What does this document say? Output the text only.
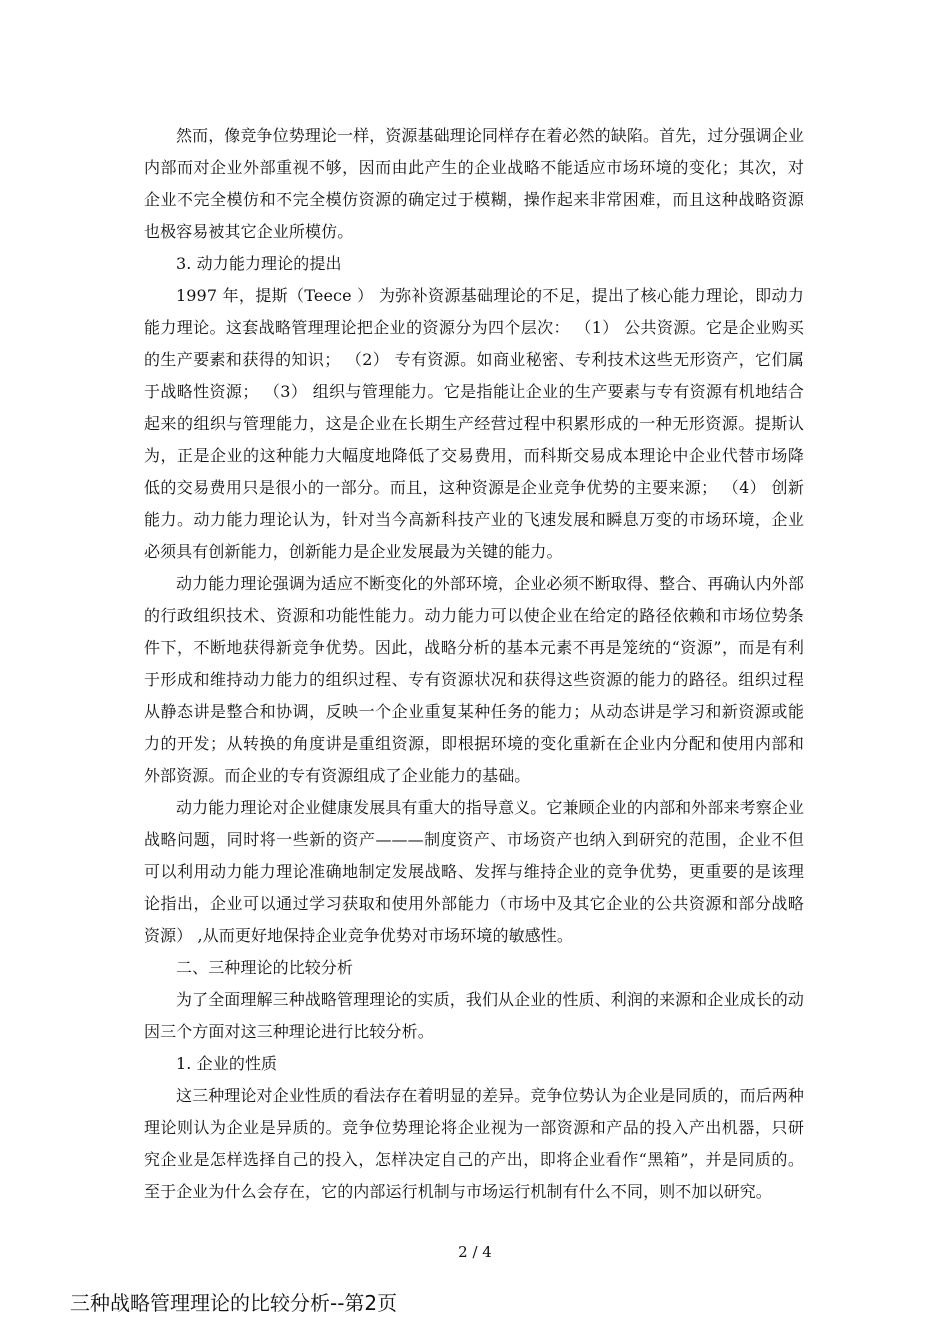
然而，像竞争位势理论一样，资源基础理论同样存在着必然的缺陷。首先，过分强调企业内部而对企业外部重视不够，因而由此产生的企业战略不能适应市场环境的变化；其次，对企业不完全模仿和不完全模仿资源的确定过于模糊，操作起来非常困难，而且这种战略资源也极容易被其它企业所模仿。

3. 动力能力理论的提出

1997 年，提斯（Teece ） 为弥补资源基础理论的不足，提出了核心能力理论，即动力能力理论。这套战略管理理论把企业的资源分为四个层次： （1） 公共资源。它是企业购买的生产要素和获得的知识； （2） 专有资源。如商业秘密、专利技术这些无形资产，它们属于战略性资源； （3） 组织与管理能力。它是指能让企业的生产要素与专有资源有机地结合起来的组织与管理能力，这是企业在长期生产经营过程中积累形成的一种无形资源。提斯认为，正是企业的这种能力大幅度地降低了交易费用，而科斯交易成本理论中企业代替市场降低的交易费用只是很小的一部分。而且，这种资源是企业竞争优势的主要来源； （4） 创新能力。动力能力理论认为，针对当今高新科技产业的飞速发展和瞬息万变的市场环境，企业必须具有创新能力，创新能力是企业发展最为关键的能力。

动力能力理论强调为适应不断变化的外部环境，企业必须不断取得、整合、再确认内外部的行政组织技术、资源和功能性能力。动力能力可以使企业在给定的路径依赖和市场位势条件下，不断地获得新竞争优势。因此，战略分析的基本元素不再是笼统的“资源”，而是有利于形成和维持动力能力的组织过程、专有资源状况和获得这些资源的能力的路径。组织过程从静态讲是整合和协调，反映一个企业重复某种任务的能力；从动态讲是学习和新资源或能力的开发；从转换的角度讲是重组资源，即根据环境的变化重新在企业内分配和使用内部和外部资源。而企业的专有资源组成了企业能力的基础。

动力能力理论对企业健康发展具有重大的指导意义。它兼顾企业的内部和外部来考察企业战略问题，同时将一些新的资产———制度资产、市场资产也纳入到研究的范围，企业不但可以利用动力能力理论准确地制定发展战略、发挥与维持企业的竞争优势，更重要的是该理论指出，企业可以通过学习获取和使用外部能力（市场中及其它企业的公共资源和部分战略资源） ,从而更好地保持企业竞争优势对市场环境的敏感性。

二、三种理论的比较分析

为了全面理解三种战略管理理论的实质，我们从企业的性质、利润的来源和企业成长的动因三个方面对这三种理论进行比较分析。

1. 企业的性质

这三种理论对企业性质的看法存在着明显的差异。竞争位势认为企业是同质的，而后两种理论则认为企业是异质的。竞争位势理论将企业视为一部资源和产品的投入产出机器，只研究企业是怎样选择自己的投入，怎样决定自己的产出，即将企业看作“黑箱”，并是同质的。至于企业为什么会存在，它的内部运行机制与市场运行机制有什么不同，则不加以研究。

2 / 4
三种战略管理理论的比较分析--第2页
